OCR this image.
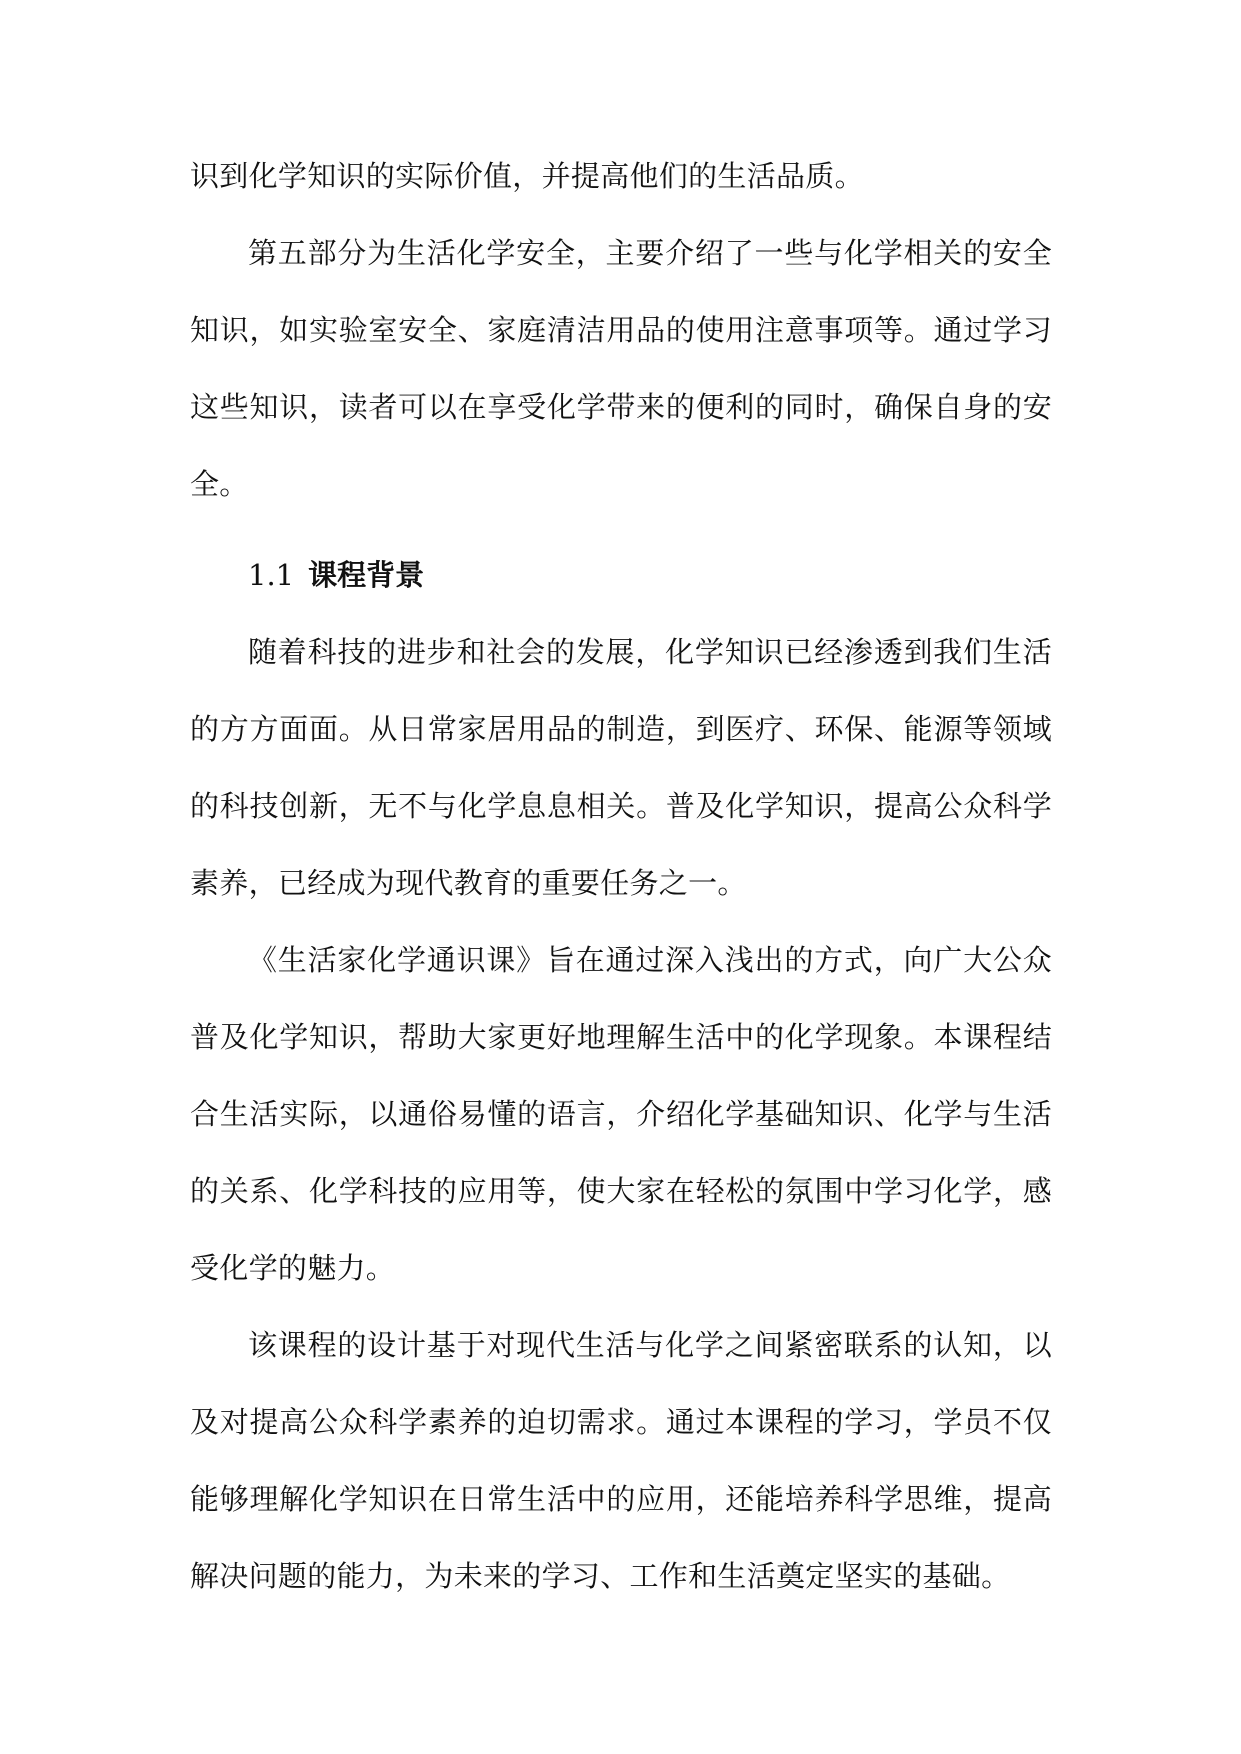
识到化学知识的实际价值，并提高他们的生活品质。

第五部分为生活化学安全，主要介绍了一些与化学相关的安全知识，如实验室安全、家庭清洁用品的使用注意事项等。通过学习这些知识，读者可以在享受化学带来的便利的同时，确保自身的安全。

1.1 课程背景

随着科技的进步和社会的发展，化学知识已经渗透到我们生活的方方面面。从日常家居用品的制造，到医疗、环保、能源等领域的科技创新，无不与化学息息相关。普及化学知识，提高公众科学素养，已经成为现代教育的重要任务之一。

《生活家化学通识课》旨在通过深入浅出的方式，向广大公众普及化学知识，帮助大家更好地理解生活中的化学现象。本课程结合生活实际，以通俗易懂的语言，介绍化学基础知识、化学与生活的关系、化学科技的应用等，使大家在轻松的氛围中学习化学，感受化学的魅力。

该课程的设计基于对现代生活与化学之间紧密联系的认知，以及对提高公众科学素养的迫切需求。通过本课程的学习，学员不仅能够理解化学知识在日常生活中的应用，还能培养科学思维，提高解决问题的能力，为未来的学习、工作和生活奠定坚实的基础。
